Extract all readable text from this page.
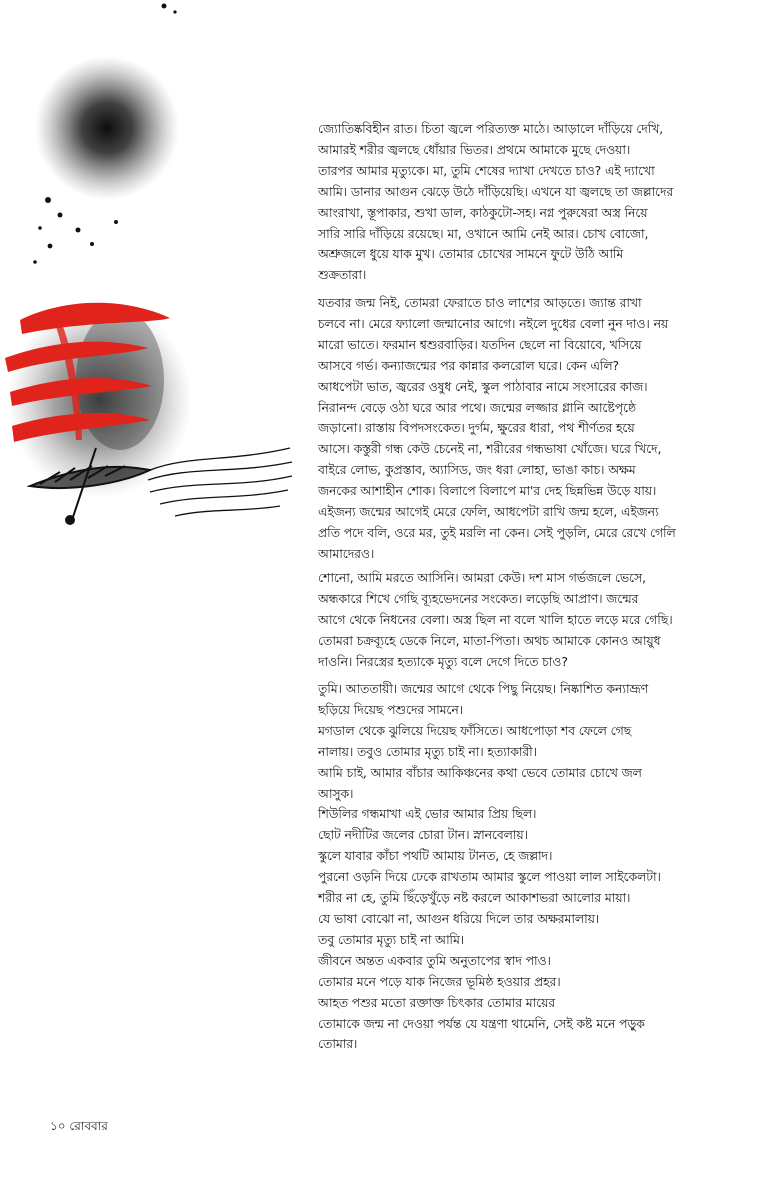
জ্যোতিষ্কবিহীন রাত। চিতা জ্বলে পরিত্যক্ত মাঠে। আড়ালে দাঁড়িয়ে দেখি,
আমারই শরীর জ্বলছে ধোঁয়ার ভিতর। প্রথমে আমাকে মুছে দেওয়া।
তারপর আমার মৃত্যুকে। মা, তুমি শেষের দ্যাখা দেখতে চাও? এই দ্যাখো
আমি। ডানার আগুন ঝেড়ে উঠে দাঁড়িয়েছি। এখনে যা জ্বলছে তা জল্লাদের
আংরাখা, স্তূপাকার, শুখা ডাল, কাঠকুটো-সহ। নগ্ন পুরুষেরা অস্ত্র নিয়ে
সারি সারি দাঁড়িয়ে রয়েছে। মা, ওখানে আমি নেই আর। চোখ বোজো,
অশ্রুজলে ধুয়ে যাক মুখ। তোমার চোখের সামনে ফুটে উঠি আমি
শুক্রতারা।
যতবার জন্ম নিই, তোমরা ফেরাতে চাও লাশের আড়তে। জ্যান্ত রাখা
চলবে না। মেরে ফ্যালো জন্মানোর আগে। নইলে দুধের বেলা নুন দাও। নয়
মারো ভাতে। ফরমান শ্বশুরবাড়ির। যতদিন ছেলে না বিয়োবে, খসিয়ে
আসবে গর্ভ। কন্যাজন্মের পর কান্নার কলরোল ঘরে। কেন এলি?
আধপেটা ভাত, জ্বরের ওষুধ নেই, স্কুল পাঠাবার নামে সংসারের কাজ।
নিরানন্দ বেড়ে ওঠা ঘরে আর পথে। জন্মের লজ্জার গ্লানি আষ্টেপৃষ্ঠে
জড়ানো। রাস্তায় বিপদসংকেত। দুর্গম, ক্ষুরের ধারা, পথ শীর্ণতর হয়ে
আসে। কস্তুরী গন্ধ কেউ চেনেই না, শরীরের গন্ধভাষা খোঁজে। ঘরে খিদে,
বাইরে লোভ, কুপ্রস্তাব, অ্যাসিড, জং ধরা লোহা, ভাঙা কাচ। অক্ষম
জনকের আশাহীন শোক। বিলাপে বিলাপে মা'র দেহ ছিন্নভিন্ন উড়ে যায়।
এইজন্য জন্মের আগেই মেরে ফেলি, আধপেটা রাখি জন্ম হলে, এইজন্য
প্রতি পদে বলি, ওরে মর, তুই মরলি না কেন। সেই পুড়লি, মেরে রেখে গেলি
আমাদেরও।
শোনো, আমি মরতে আসিনি। আমরা কেউ। দশ মাস গর্ভজলে ভেসে,
অন্ধকারে শিখে গেছি ব্যূহভেদনের সংকেত। লড়েছি আপ্রাণ। জন্মের
আগে থেকে নিধনের বেলা। অস্ত্র ছিল না বলে খালি হাতে লড়ে মরে গেছি।
তোমরা চক্রব্যূহে ডেকে নিলে, মাতা-পিতা। অথচ আমাকে কোনও আয়ুধ
দাওনি। নিরস্ত্রের হত্যাকে মৃত্যু বলে দেগে দিতে চাও?
তুমি। আততায়ী। জন্মের আগে থেকে পিছু নিয়েছ। নিষ্কাশিত কন্যাভ্রূণ
ছড়িয়ে দিয়েছ পশুদের সামনে।
মগডাল থেকে ঝুলিয়ে দিয়েছ ফাঁসিতে। আধপোড়া শব ফেলে গেছ
নালায়। তবুও তোমার মৃত্যু চাই না। হত্যাকারী।
আমি চাই, আমার বাঁচার আকিঞ্চনের কথা ভেবে তোমার চোখে জল
আসুক।
শিউলির গন্ধমাখা এই ভোর আমার প্রিয় ছিল।
ছোট নদীটির জলের চোরা টান। স্নানবেলায়।
স্কুলে যাবার কাঁচা পথটি আমায় টানত, হে জল্লাদ।
পুরনো ওড়নি দিয়ে ঢেকে রাখতাম আমার স্কুলে পাওয়া লাল সাইকেলটা।
শরীর না হে, তুমি ছিঁড়েখুঁড়ে নষ্ট করলে আকাশভরা আলোর মায়া।
যে ভাষা বোঝো না, আগুন ধরিয়ে দিলে তার অক্ষরমালায়।
তবু তোমার মৃত্যু চাই না আমি।
জীবনে অন্তত একবার তুমি অনুতাপের স্বাদ পাও।
তোমার মনে পড়ে যাক নিজের ভূমিষ্ঠ হওয়ার প্রহর।
আহত পশুর মতো রক্তাক্ত চিৎকার তোমার মায়ের
তোমাকে জন্ম না দেওয়া পর্যন্ত যে যন্ত্রণা থামেনি, সেই কষ্ট মনে পড়ুক
তোমার।
১০ রোববার
